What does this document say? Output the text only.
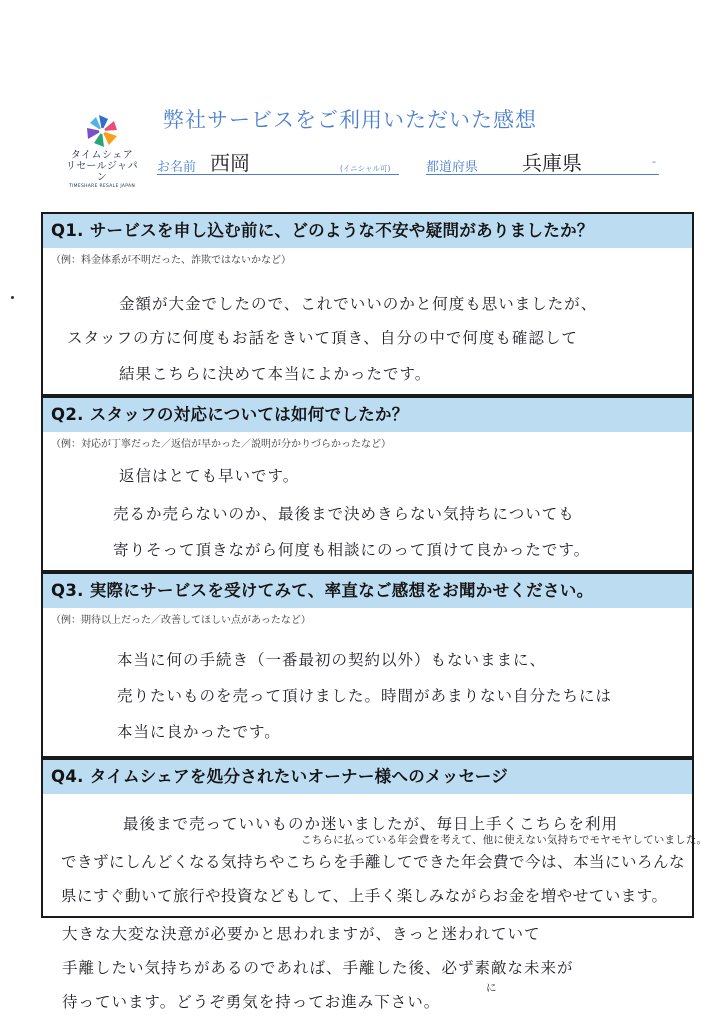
タイムシェア
リセールジャパン
TIMESHARE RESALE JAPAN
弊社サービスをご利用いただいた感想
お名前 西岡	(イニシャル可)	都道府県 兵庫県	-
Q1. サービスを申し込む前に、どのような不安や疑問がありましたか？
（例：料金体系が不明だった、詐欺ではないかなど）
金額が大金でしたので、これでいいのかと何度も思いましたが、
スタッフの方に何度もお話をきいて頂き、自分の中で何度も確認して
結果こちらに決めて本当によかったです。
Q2. スタッフの対応については如何でしたか？
（例：対応が丁寧だった／返信が早かった／説明が分かりづらかったなど）
返信はとても早いです。
売るか売らないのか、最後まで決めきらない気持ちについても
寄りそって頂きながら何度も相談にのって頂けて良かったです。
Q3. 実際にサービスを受けてみて、率直なご感想をお聞かせください。
（例：期待以上だった／改善してほしい点があったなど）
本当に何の手続き（一番最初の契約以外）もないままに、
売りたいものを売って頂けました。時間があまりない自分たちには
本当に良かったです。
Q4. タイムシェアを処分されたいオーナー様へのメッセージ
最後まで売っていいものか迷いましたが、毎日上手くこちらを利用
こちらに払っている年会費を考えて、他に使えない気持ちでモヤモヤしていました。
できずにしんどくなる気持ちやこちらを手離してできた年会費で今は、本当にいろんな
県にすぐ動いて旅行や投資などもして、上手く楽しみながらお金を増やせています。
大きな大変な決意が必要かと思われますが、きっと迷われていて
手離したい気持ちがあるのであれば、手離した後、必ず素敵な未来が
待っています。どうぞ勇気を持ってお進み下さい。
に
